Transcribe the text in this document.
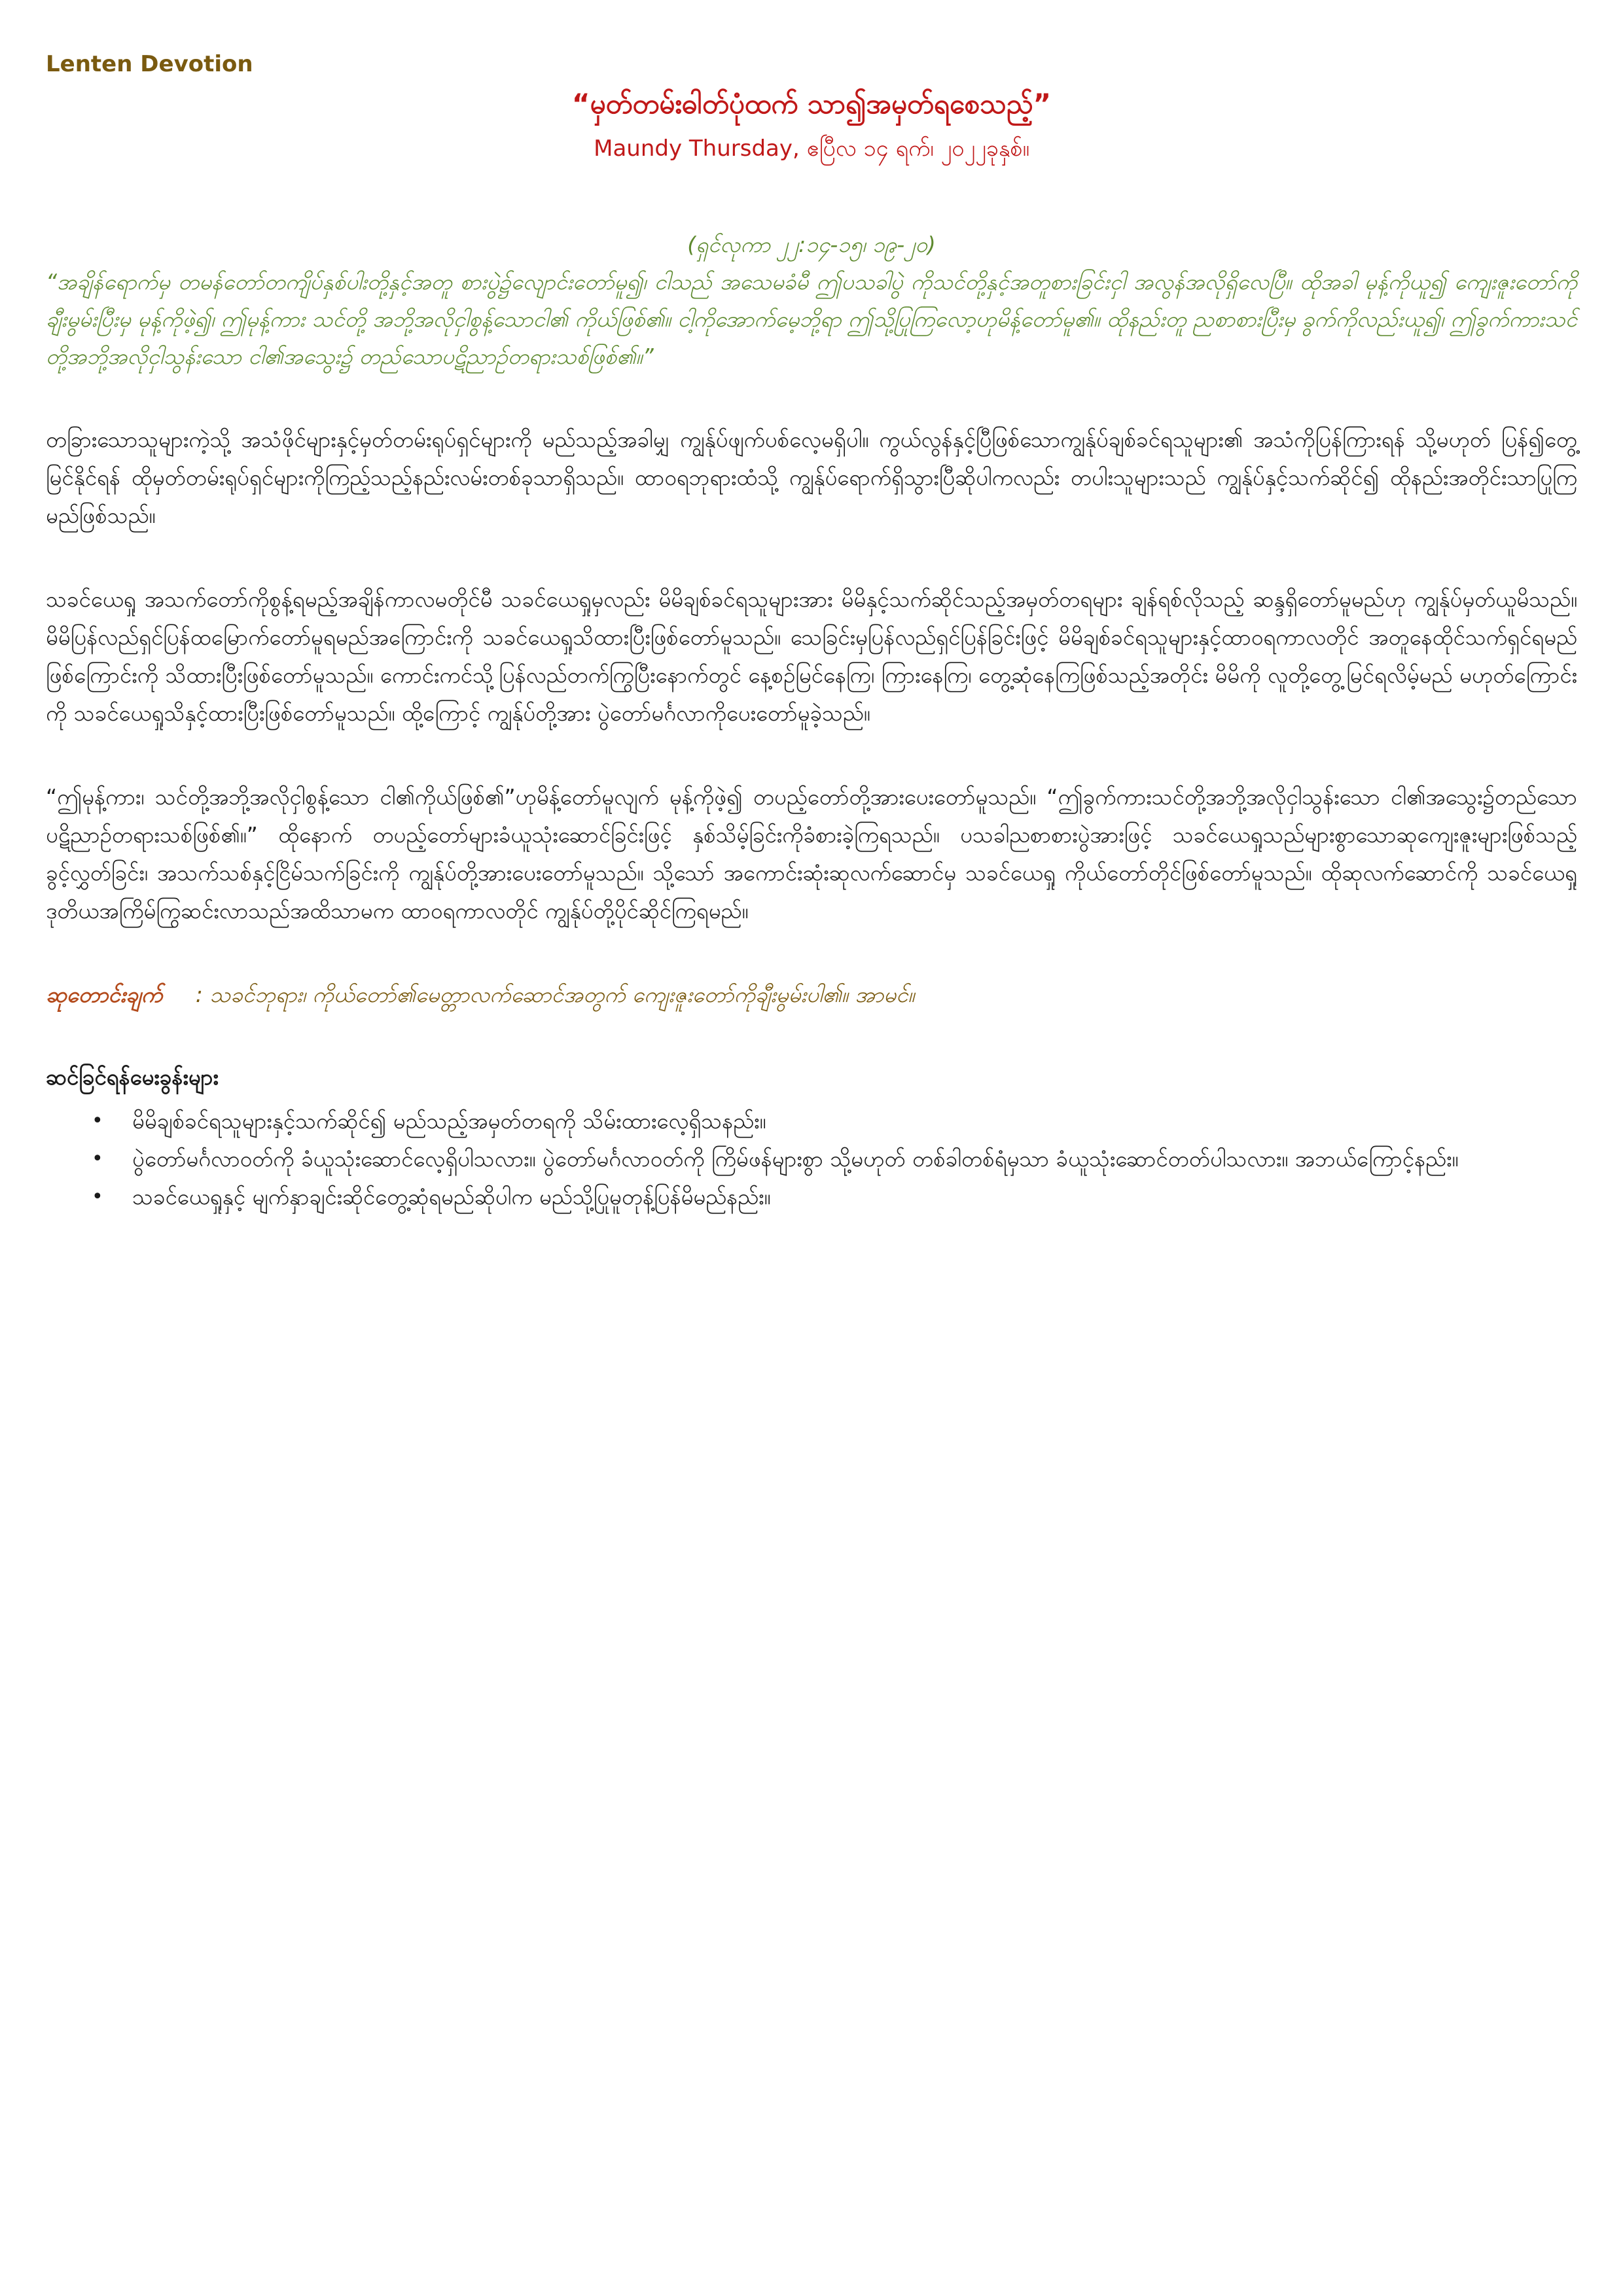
Lenten Devotion
“မှတ်တမ်းဓါတ်ပုံထက် သာ၍အမှတ်ရစေသည့်”
Maundy Thursday, ဧပြီလ ၁၄ ရက်၊ ၂၀၂၂ခုနှစ်။
(ရှင်လုကာ ၂၂:၁၄-၁၅၊ ၁၉-၂၀)
“အချိန်ရောက်မှ တမန်တော်တကျိပ်နှစ်ပါးတို့နှင့်အတူ စားပွဲ၌လျောင်းတော်မူ၍၊ ငါသည် အသေမခံမီ ဤပသခါပွဲ ကိုသင်တို့နှင့်အတူစားခြင်းငှါ အလွန်အလိုရှိလေပြီ။ ထိုအခါ မုန့်ကိုယူ၍ ကျေးဇူးတော်ကိုချီးမွမ်းပြီးမှ မုန့်ကိုဖဲ့၍၊ ဤမုန့်ကား သင်တို့ အဘို့အလိုငှါစွန့်သောငါ၏ ကိုယ်ဖြစ်၏။ ငါ့ကိုအောက်မေ့ဘို့ရာ ဤသို့ပြုကြလော့ဟုမိန့်တော်မူ၏။ ထိုနည်းတူ ညစာစားပြီးမှ ခွက်ကိုလည်းယူ၍၊ ဤခွက်ကားသင်တို့အဘို့အလိုငှါသွန်းသော ငါ၏အသွေး၌ တည်သောပဋိညာဉ်တရားသစ်ဖြစ်၏။”

တခြားသောသူများကဲ့သို့ အသံဖိုင်များနှင့်မှတ်တမ်းရုပ်ရှင်များကို မည်သည့်အခါမျှ ကျွန်ုပ်ဖျက်ပစ်လေ့မရှိပါ။ ကွယ်လွန်နှင့်ပြီဖြစ်သောကျွန်ုပ်ချစ်ခင်ရသူများ၏ အသံကိုပြန်ကြားရန် သို့မဟုတ် ပြန်၍တွေ့မြင်နိုင်ရန် ထိုမှတ်တမ်းရုပ်ရှင်များကိုကြည့်သည့်နည်းလမ်းတစ်ခုသာရှိသည်။ ထာဝရဘုရားထံသို့ ကျွန်ုပ်ရောက်ရှိသွားပြီဆိုပါကလည်း တပါးသူများသည် ကျွန်ုပ်နှင့်သက်ဆိုင်၍ ထိုနည်းအတိုင်းသာပြုကြမည်ဖြစ်သည်။

သခင်ယေရှု အသက်တော်ကိုစွန့်ရမည့်အချိန်ကာလမတိုင်မီ သခင်ယေရှုမှလည်း မိမိချစ်ခင်ရသူများအား မိမိနှင့်သက်ဆိုင်သည့်အမှတ်တရများ ချန်ရစ်လိုသည့် ဆန္ဒရှိတော်မူမည်ဟု ကျွန်ုပ်မှတ်ယူမိသည်။ မိမိပြန်လည်ရှင်ပြန်ထမြောက်တော်မူရမည်အကြောင်းကို သခင်ယေရှုသိထားပြီးဖြစ်တော်မူသည်။ သေခြင်းမှပြန်လည်ရှင်ပြန်ခြင်းဖြင့် မိမိချစ်ခင်ရသူများနှင့်ထာဝရကာလတိုင် အတူနေထိုင်သက်ရှင်ရမည်ဖြစ်ကြောင်းကို သိထားပြီးဖြစ်တော်မူသည်။ ကောင်းကင်သို့ပြန်လည်တက်ကြွပြီးနောက်တွင် နေ့စဉ်မြင်နေကြ၊ ကြားနေကြ၊ တွေ့ဆုံနေကြဖြစ်သည့်အတိုင်း မိမိကို လူတို့တွေ့မြင်ရလိမ့်မည် မဟုတ်ကြောင်းကို သခင်ယေရှုသိနှင့်ထားပြီးဖြစ်တော်မူသည်။ ထို့ကြောင့် ကျွန်ုပ်တို့အား ပွဲတော်မင်္ဂလာကိုပေးတော်မူခဲ့သည်။

“ဤမုန့်ကား၊ သင်တို့အဘို့အလိုငှါစွန့်သော ငါ၏ကိုယ်ဖြစ်၏”ဟုမိန့်တော်မူလျက် မုန့်ကိုဖဲ့၍ တပည့်တော်တို့အားပေးတော်မူသည်။ “ဤခွက်ကားသင်တို့အဘို့အလိုငှါသွန်းသော ငါ၏အသွေး၌တည်သောပဋိညာဉ်တရားသစ်ဖြစ်၏။” ထိုနောက် တပည့်တော်များခံယူသုံးဆောင်ခြင်းဖြင့် နှစ်သိမ့်ခြင်းကိုခံစားခဲ့ကြရသည်။ ပသခါညစာစားပွဲအားဖြင့် သခင်ယေရှုသည်များစွာသောဆုကျေးဇူးများဖြစ်သည့် ခွင့်လွှတ်ခြင်း၊ အသက်သစ်နှင့်ငြိမ်သက်ခြင်းကို ကျွန်ုပ်တို့အားပေးတော်မူသည်။ သို့သော် အကောင်းဆုံးဆုလက်ဆောင်မှ သခင်ယေရှု ကိုယ်တော်တိုင်ဖြစ်တော်မူသည်။ ထိုဆုလက်ဆောင်ကို သခင်ယေရှု ဒုတိယအကြိမ်ကြွဆင်းလာသည်အထိသာမက ထာဝရကာလတိုင် ကျွန်ုပ်တို့ပိုင်ဆိုင်ကြရမည်။

ဆုတောင်းချက် : သခင်ဘုရား၊ ကိုယ်တော်၏မေတ္တာလက်ဆောင်အတွက် ကျေးဇူးတော်ကိုချီးမွမ်းပါ၏။ အာမင်။
ဆင်ခြင်ရန်မေးခွန်းများ
• မိမိချစ်ခင်ရသူများနှင့်သက်ဆိုင်၍ မည်သည့်အမှတ်တရကို သိမ်းထားလေ့ရှိသနည်း။
• ပွဲတော်မင်္ဂလာဝတ်ကို ခံယူသုံးဆောင်လေ့ရှိပါသလား။ ပွဲတော်မင်္ဂလာဝတ်ကို ကြိမ်ဖန်များစွာ သို့မဟုတ် တစ်ခါတစ်ရံမှသာ ခံယူသုံးဆောင်တတ်ပါသလား။ အဘယ်ကြောင့်နည်း။
• သခင်ယေရှုနှင့် မျက်နှာချင်းဆိုင်တွေ့ဆုံရမည်ဆိုပါက မည်သို့ပြုမူတုန့်ပြန်မိမည်နည်း။
